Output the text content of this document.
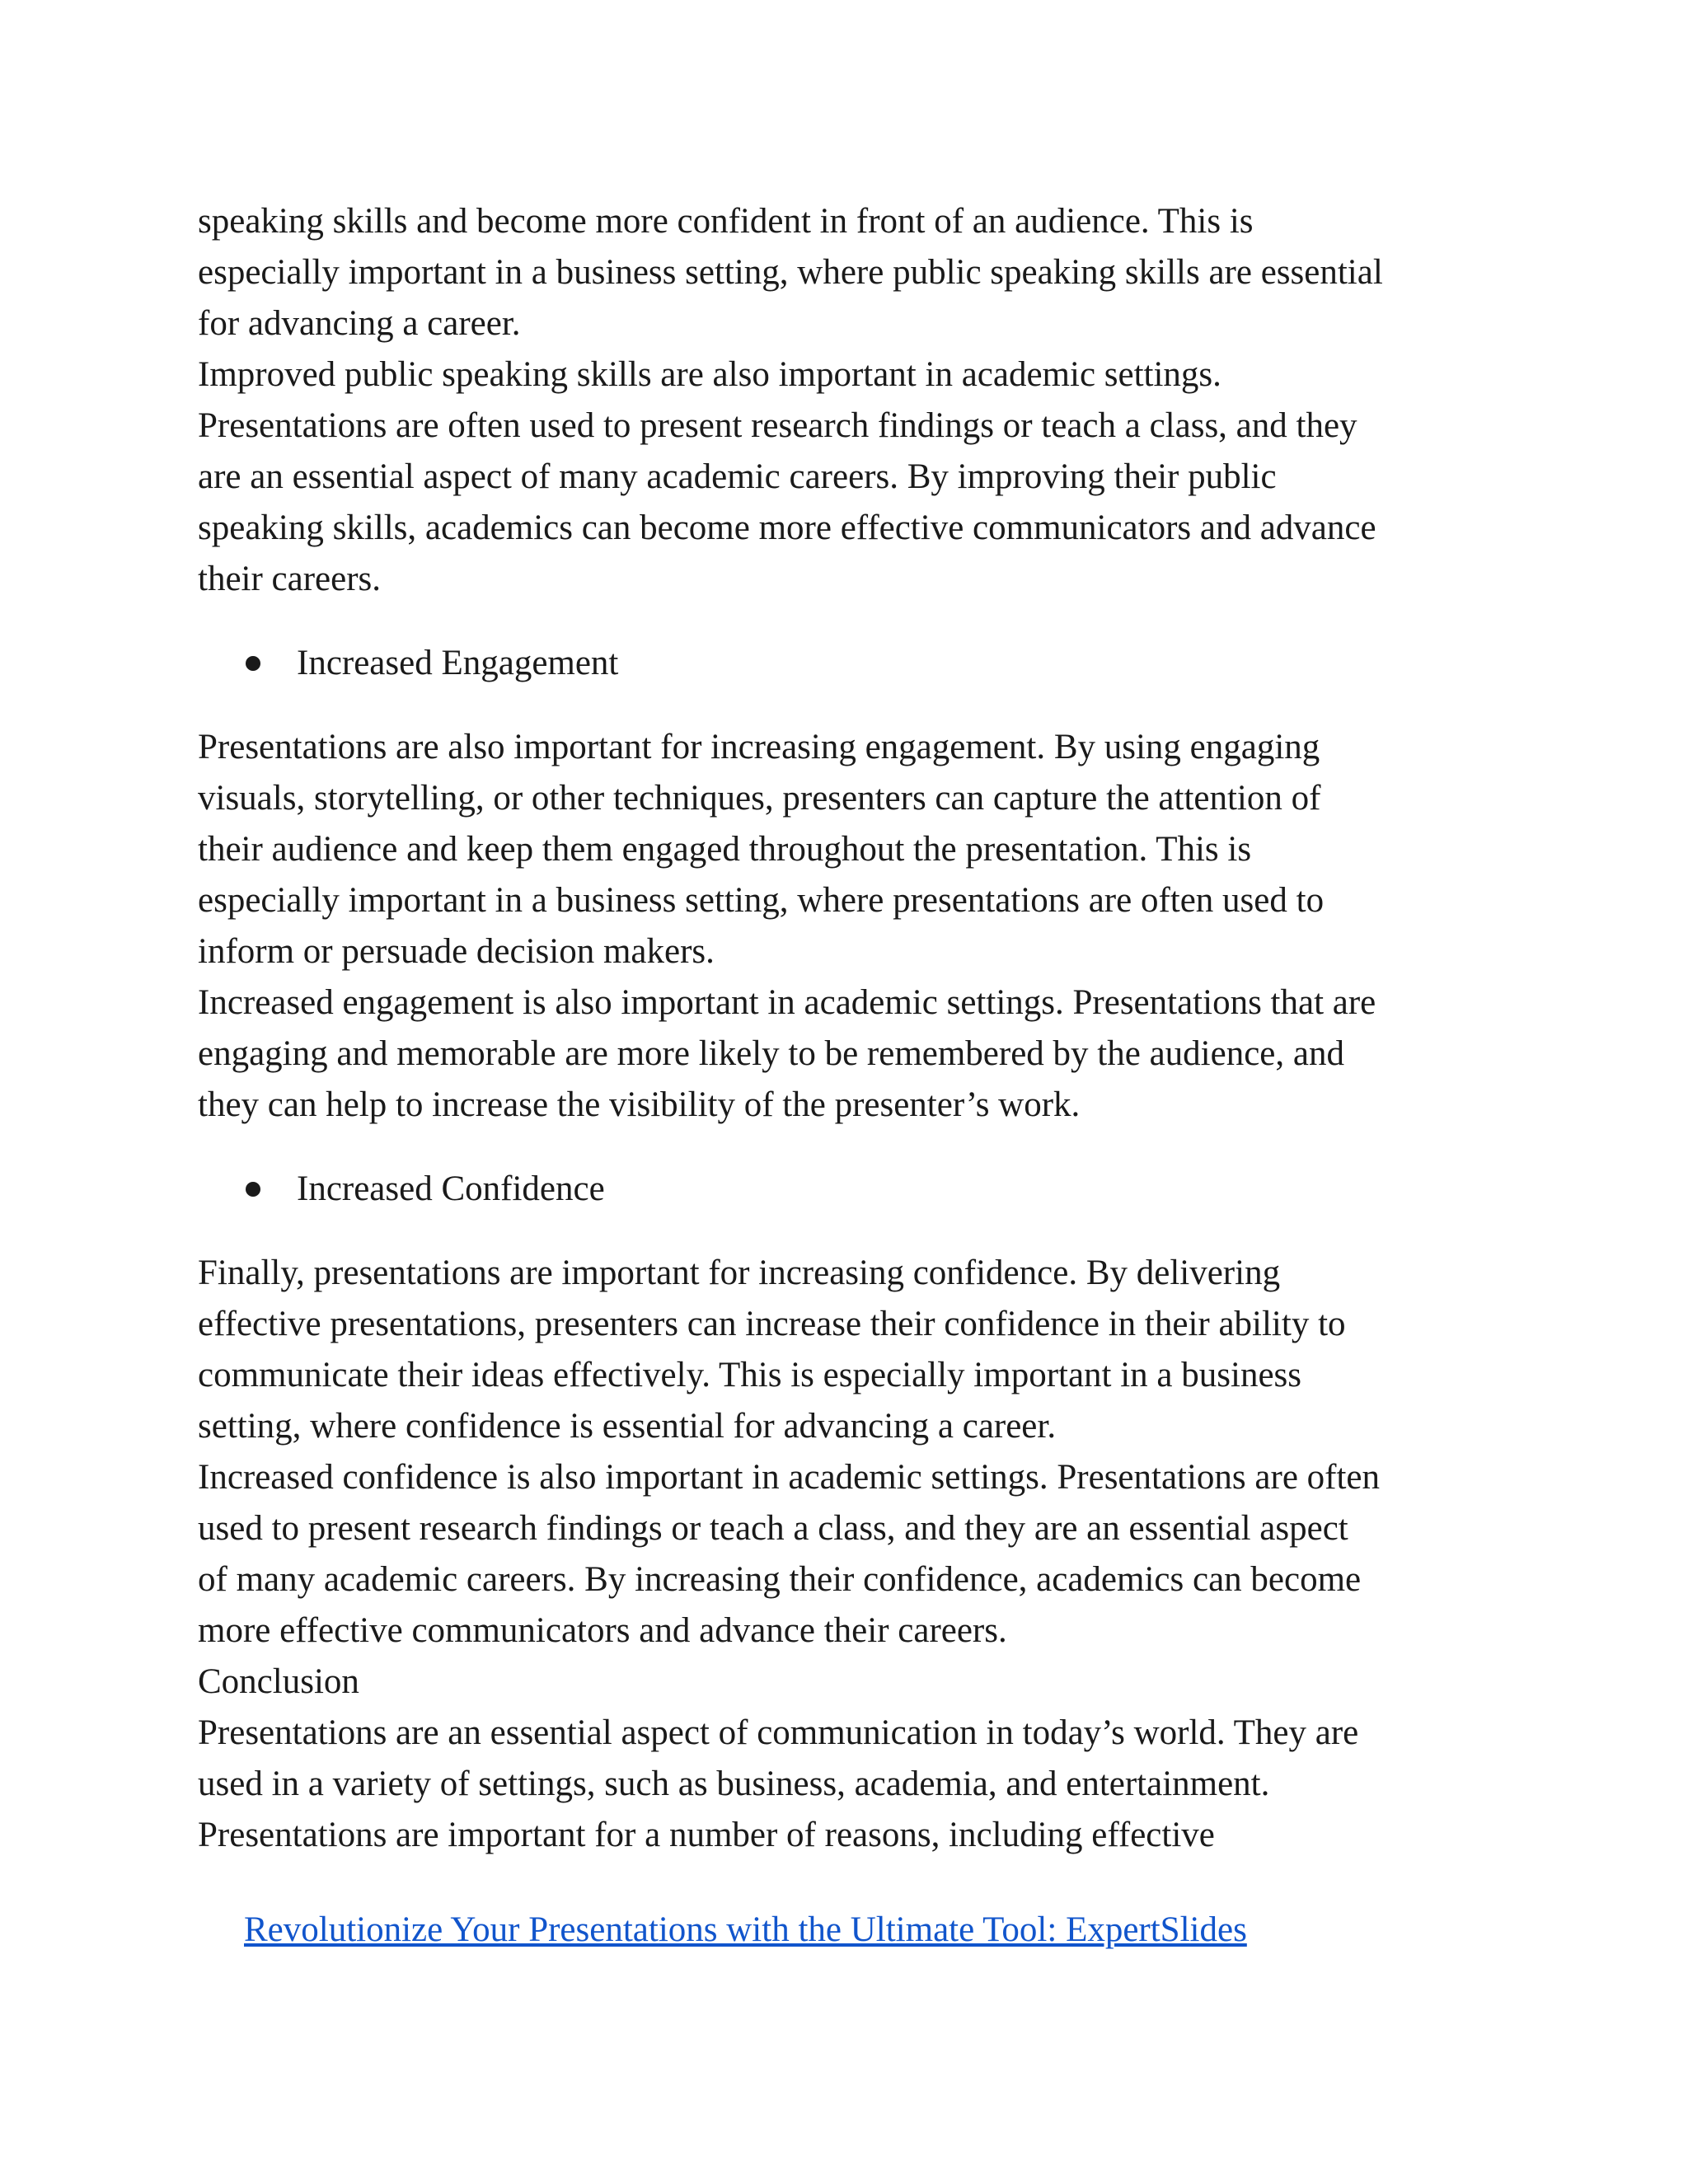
speaking skills and become more confident in front of an audience. This is
especially important in a business setting, where public speaking skills are essential
for advancing a career.
Improved public speaking skills are also important in academic settings.
Presentations are often used to present research findings or teach a class, and they
are an essential aspect of many academic careers. By improving their public
speaking skills, academics can become more effective communicators and advance
their careers.
Increased Engagement
Presentations are also important for increasing engagement. By using engaging
visuals, storytelling, or other techniques, presenters can capture the attention of
their audience and keep them engaged throughout the presentation. This is
especially important in a business setting, where presentations are often used to
inform or persuade decision makers.
Increased engagement is also important in academic settings. Presentations that are
engaging and memorable are more likely to be remembered by the audience, and
they can help to increase the visibility of the presenter’s work.
Increased Confidence
Finally, presentations are important for increasing confidence. By delivering
effective presentations, presenters can increase their confidence in their ability to
communicate their ideas effectively. This is especially important in a business
setting, where confidence is essential for advancing a career.
Increased confidence is also important in academic settings. Presentations are often
used to present research findings or teach a class, and they are an essential aspect
of many academic careers. By increasing their confidence, academics can become
more effective communicators and advance their careers.
Conclusion
Presentations are an essential aspect of communication in today’s world. They are
used in a variety of settings, such as business, academia, and entertainment.
Presentations are important for a number of reasons, including effective
Revolutionize Your Presentations with the Ultimate Tool: ExpertSlides
